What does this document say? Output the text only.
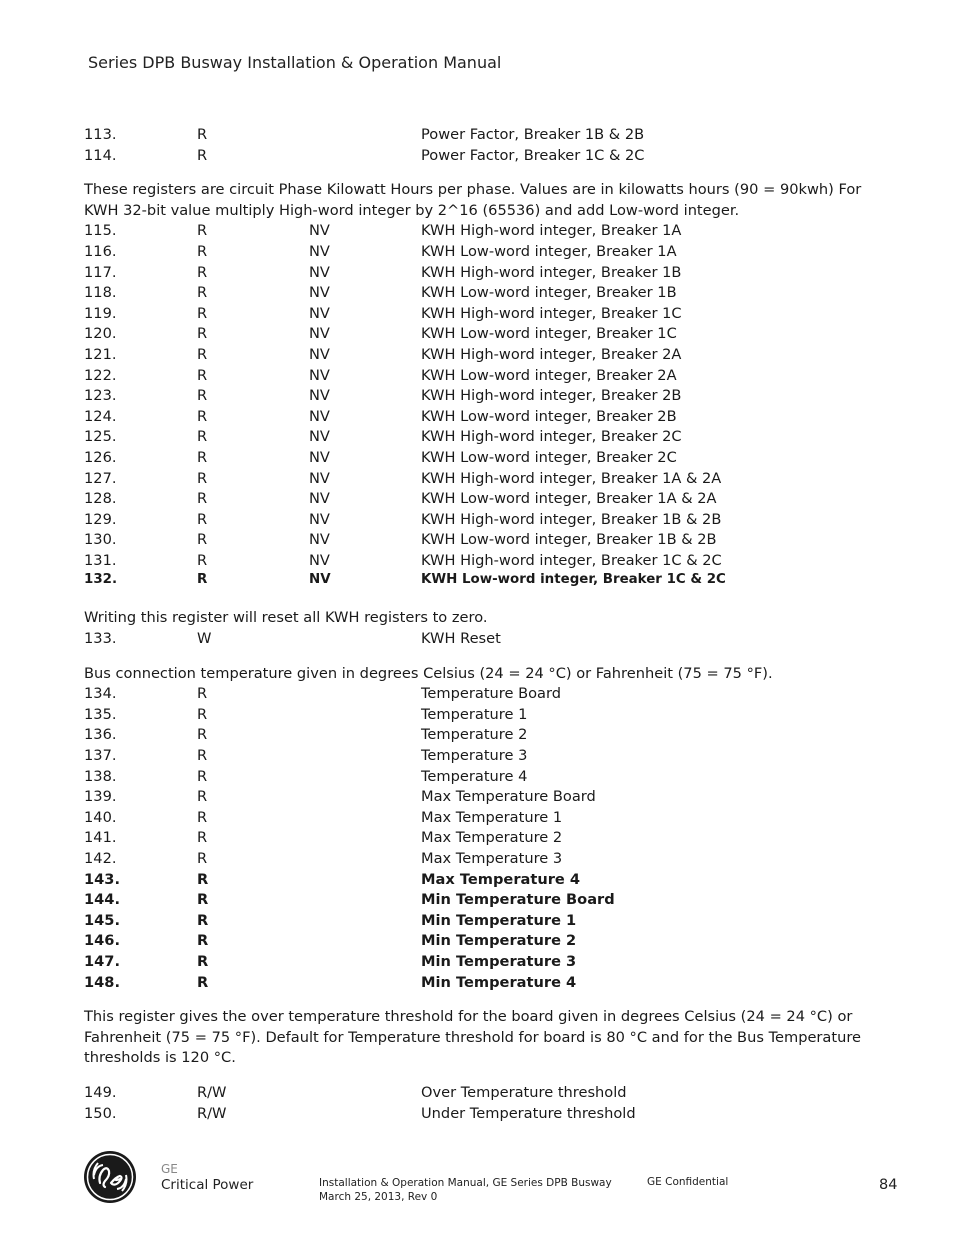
Series DPB Busway Installation & Operation Manual
113.	R	Power Factor, Breaker 1B & 2B
114.	R	Power Factor, Breaker 1C & 2C

These registers are circuit Phase Kilowatt Hours per phase. Values are in kilowatts hours (90 = 90kwh) For KWH 32-bit value multiply High-word integer by 2^16 (65536) and add Low-word integer.

115.	R	NV	KWH High-word integer, Breaker 1A
116.	R	NV	KWH Low-word integer, Breaker 1A
117.	R	NV	KWH High-word integer, Breaker 1B
118.	R	NV	KWH Low-word integer, Breaker 1B
119.	R	NV	KWH High-word integer, Breaker 1C
120.	R	NV	KWH Low-word integer, Breaker 1C
121.	R	NV	KWH High-word integer, Breaker 2A
122.	R	NV	KWH Low-word integer, Breaker 2A
123.	R	NV	KWH High-word integer, Breaker 2B
124.	R	NV	KWH Low-word integer, Breaker 2B
125.	R	NV	KWH High-word integer, Breaker 2C
126.	R	NV	KWH Low-word integer, Breaker 2C
127.	R	NV	KWH High-word integer, Breaker 1A & 2A
128.	R	NV	KWH Low-word integer, Breaker 1A & 2A
129.	R	NV	KWH High-word integer, Breaker 1B & 2B
130.	R	NV	KWH Low-word integer, Breaker 1B & 2B
131.	R	NV	KWH High-word integer, Breaker 1C & 2C
132.	R	NV	KWH Low-word integer, Breaker 1C & 2C

Writing this register will reset all KWH registers to zero.

133.	W	KWH Reset

Bus connection temperature given in degrees Celsius (24 = 24 °C) or Fahrenheit (75 = 75 °F).

134.	R	Temperature Board
135.	R	Temperature 1
136.	R	Temperature 2
137.	R	Temperature 3
138.	R	Temperature 4
139.	R	Max Temperature Board
140.	R	Max Temperature 1
141.	R	Max Temperature 2
142.	R	Max Temperature 3
143.	R	Max Temperature 4
144.	R	Min Temperature Board
145.	R	Min Temperature 1
146.	R	Min Temperature 2
147.	R	Min Temperature 3
148.	R	Min Temperature 4

This register gives the over temperature threshold for the board given in degrees Celsius (24 = 24 °C) or Fahrenheit (75 = 75 °F). Default for Temperature threshold for board is 80 °C and for the Bus Temperature thresholds is 120 °C.

149.	R/W	Over Temperature threshold
150.	R/W	Under Temperature threshold
GE
Critical Power	Installation & Operation Manual, GE Series DPB Busway
March 25, 2013, Rev 0
GE Confidential	84
